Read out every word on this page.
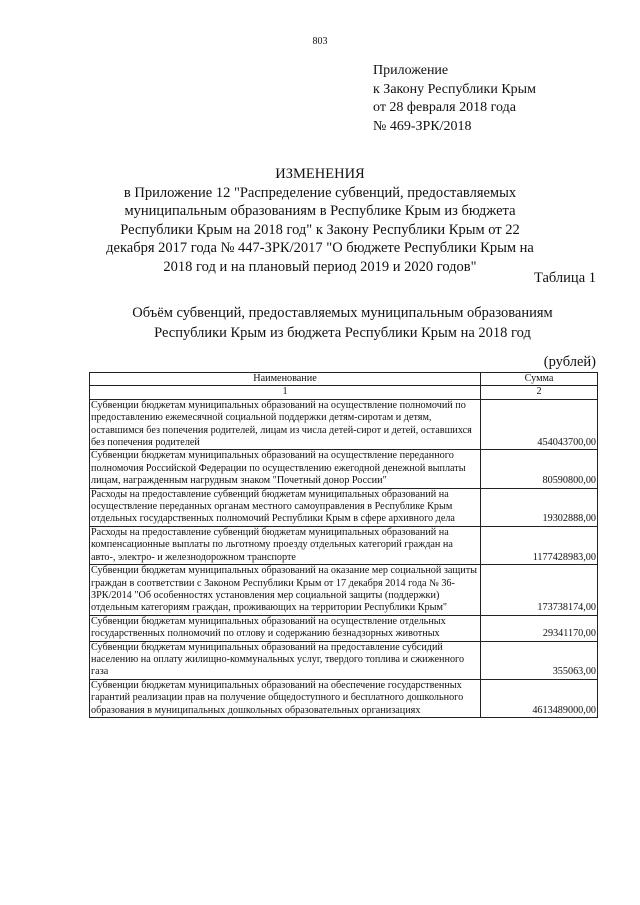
803
Приложение
к Закону Республики Крым
от 28 февраля 2018 года
№ 469-ЗРК/2018
ИЗМЕНЕНИЯ
в Приложение 12 "Распределение субвенций, предоставляемых муниципальным образованиям в Республике Крым из бюджета Республики Крым на 2018 год" к Закону Республики Крым от 22 декабря 2017 года № 447-ЗРК/2017 "О бюджете Республики Крым на 2018 год и на плановый период 2019 и 2020 годов"
Таблица 1
Объём субвенций, предоставляемых муниципальным образованиям
Республики Крым из бюджета Республики Крым на 2018 год
(рублей)
Наименование	Сумма
1	2
Субвенции бюджетам муниципальных образований на осуществление полномочий по предоставлению ежемесячной социальной поддержки детям-сиротам и детям, оставшимся без попечения родителей, лицам из числа детей-сирот и детей, оставшихся без попечения родителей	454043700,00
Субвенции бюджетам муниципальных образований на осуществление переданного полномочия Российской Федерации по осуществлению ежегодной денежной выплаты лицам, награжденным нагрудным знаком "Почетный донор России"	80590800,00
Расходы на предоставление субвенций бюджетам муниципальных образований на осуществление переданных органам местного самоуправления в Республике Крым отдельных государственных полномочий Республики Крым в сфере архивного дела	19302888,00
Расходы на предоставление субвенций бюджетам муниципальных образований на компенсационные выплаты по льготному проезду отдельных категорий граждан на авто-, электро- и железнодорожном транспорте	1177428983,00
Субвенции бюджетам муниципальных образований на оказание мер социальной защиты граждан в соответствии с Законом Республики Крым от 17 декабря 2014 года № 36-ЗРК/2014 "Об особенностях установления мер социальной защиты (поддержки) отдельным категориям граждан, проживающих на территории Республики Крым"	173738174,00
Субвенции бюджетам муниципальных образований на осуществление отдельных государственных полномочий по отлову и содержанию безнадзорных животных	29341170,00
Субвенции бюджетам муниципальных образований на предоставление субсидий населению на оплату жилищно-коммунальных услуг, твердого топлива и сжиженного газа	355063,00
Субвенции бюджетам муниципальных образований на обеспечение государственных гарантий реализации прав на получение общедоступного и бесплатного дошкольного образования в муниципальных дошкольных образовательных организациях	4613489000,00
